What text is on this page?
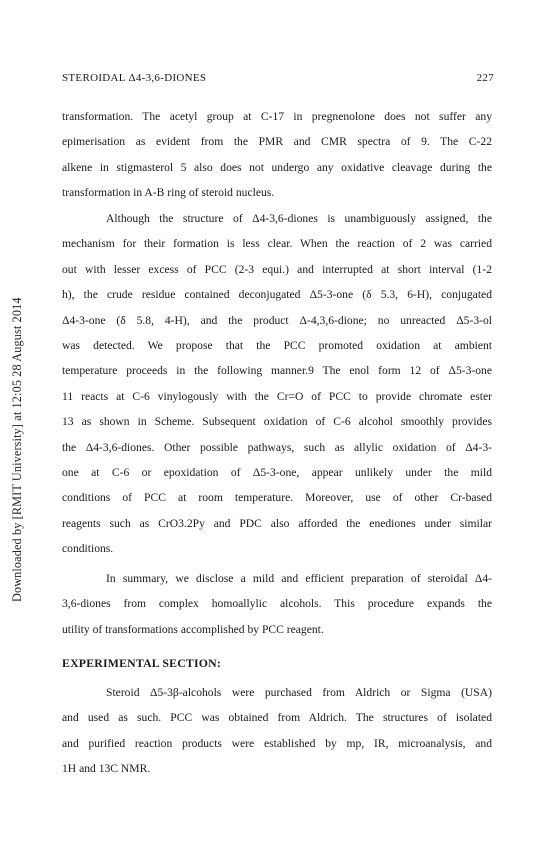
Downloaded by [RMIT University] at 12:05 28 August 2014
STEROIDAL Δ4-3,6-DIONES	227
transformation. The acetyl group at C-17 in pregnenolone does not suffer any
epimerisation as evident from the PMR and CMR spectra of 9. The C-22
alkene in stigmasterol 5 also does not undergo any oxidative cleavage during the
transformation in A-B ring of steroid nucleus.
Although the structure of Δ4-3,6-diones is unambiguously assigned, the
mechanism for their formation is less clear. When the reaction of 2 was carried
out with lesser excess of PCC (2-3 equi.) and interrupted at short interval (1-2
h), the crude residue contained deconjugated Δ5-3-one (δ 5.3, 6-H), conjugated
Δ4-3-one (δ 5.8, 4-H), and the product Δ-4,3,6-dione; no unreacted Δ5-3-ol
was detected. We propose that the PCC promoted oxidation at ambient
temperature proceeds in the following manner.9 The enol form 12 of Δ5-3-one
11 reacts at C-6 vinylogously with the Cr=O of PCC to provide chromate ester
13 as shown in Scheme. Subsequent oxidation of C-6 alcohol smoothly provides
the Δ4-3,6-diones. Other possible pathways, such as allylic oxidation of Δ4-3-
one at C-6 or epoxidation of Δ5-3-one, appear unlikely under the mild
conditions of PCC at room temperature. Moreover, use of other Cr-based
reagents such as CrO3.2Py and PDC also afforded the enediones under similar
conditions.
In summary, we disclose a mild and efficient preparation of steroidal Δ4-
3,6-diones from complex homoallylic alcohols. This procedure expands the
utility of transformations accomplished by PCC reagent.
EXPERIMENTAL SECTION:
Steroid Δ5-3β-alcohols were purchased from Aldrich or Sigma (USA)
and used as such. PCC was obtained from Aldrich. The structures of isolated
and purified reaction products were established by mp, IR, microanalysis, and
1H and 13C NMR.
